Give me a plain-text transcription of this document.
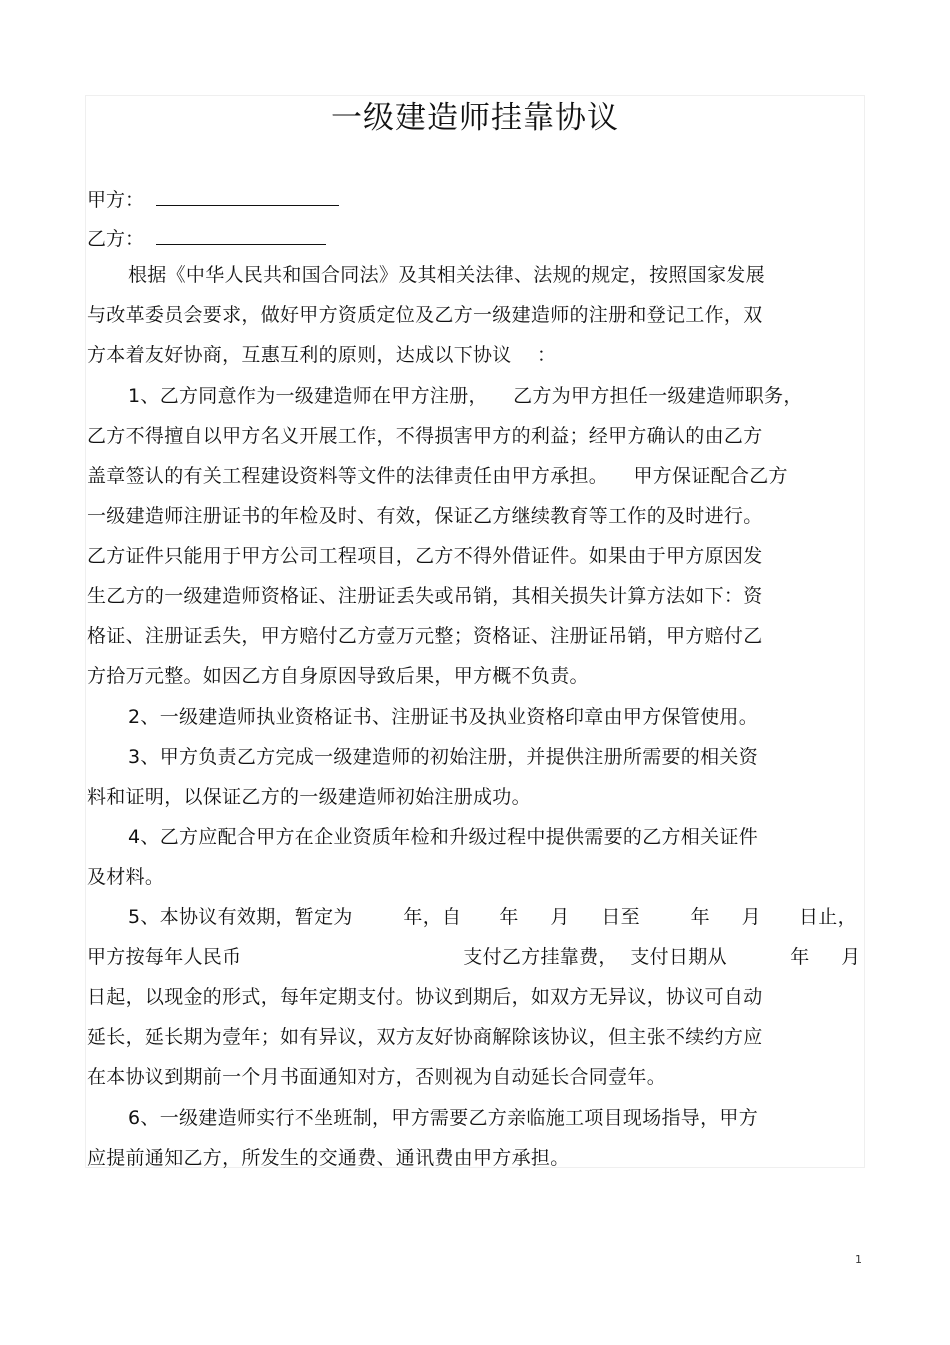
一级建造师挂靠协议
甲方：
乙方：
根据《中华人民共和国合同法》及其相关法律、法规的规定，按照国家发展
与改革委员会要求，做好甲方资质定位及乙方一级建造师的注册和登记工作，双
方本着友好协商，互惠互利的原则，达成以下协议    ：
1、乙方同意作为一级建造师在甲方注册，    乙方为甲方担任一级建造师职务，
乙方不得擅自以甲方名义开展工作，不得损害甲方的利益；经甲方确认的由乙方
盖章签认的有关工程建设资料等文件的法律责任由甲方承担。    甲方保证配合乙方
一级建造师注册证书的年检及时、有效，保证乙方继续教育等工作的及时进行。
乙方证件只能用于甲方公司工程项目，乙方不得外借证件。如果由于甲方原因发
生乙方的一级建造师资格证、注册证丢失或吊销，其相关损失计算方法如下：资
格证、注册证丢失，甲方赔付乙方壹万元整；资格证、注册证吊销，甲方赔付乙
方拾万元整。如因乙方自身原因导致后果，甲方概不负责。
2、一级建造师执业资格证书、注册证书及执业资格印章由甲方保管使用。
3、甲方负责乙方完成一级建造师的初始注册，并提供注册所需要的相关资
料和证明，以保证乙方的一级建造师初始注册成功。
4、乙方应配合甲方在企业资质年检和升级过程中提供需要的乙方相关证件
及材料。
5、本协议有效期，暂定为        年，自      年     月     日至        年     月      日止，
甲方按每年人民币                                   支付乙方挂靠费，  支付日期从          年     月
日起，以现金的形式，每年定期支付。协议到期后，如双方无异议，协议可自动
延长，延长期为壹年；如有异议，双方友好协商解除该协议，但主张不续约方应
在本协议到期前一个月书面通知对方，否则视为自动延长合同壹年。
6、一级建造师实行不坐班制，甲方需要乙方亲临施工项目现场指导，甲方
应提前通知乙方，所发生的交通费、通讯费由甲方承担。
1
